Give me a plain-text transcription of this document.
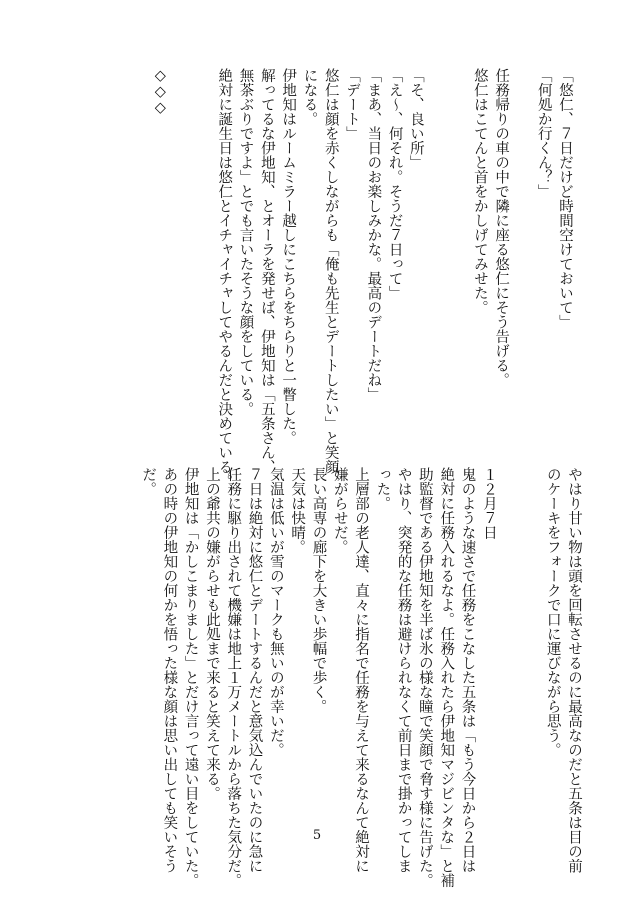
「悠仁、７日だけど時間空けておいて」
「何処か行くん？」

任務帰りの車の中で隣に座る悠仁にそう告げる。
悠仁はこてんと首をかしげてみせた。

「そ、良い所」
「え～、何それ。そうだ７日って」
「まあ、当日のお楽しみかな。最高のデートだね」
「デート」
悠仁は顔を赤くしながらも「俺も先生とデートしたい」と笑顔
になる。
伊地知はルームミラー越しにこちらをちらりと一瞥した。
解ってるな伊地知、とオーラを発せば、伊地知は「五条さん、
無茶ぶりですよ」とでも言いたそうな顔をしている。
絶対に誕生日は悠仁とイチャイチャしてやるんだと決めている。

◇◇◇
やはり甘い物は頭を回転させるのに最高なのだと五条は目の前
のケーキをフォークで口に運びながら思う。

１２月７日
鬼のような速さで任務をこなした五条は「もう今日から２日は
絶対に任務入れるなよ。任務入れたら伊地知マジビンタな」と補
助監督である伊地知を半ば氷の様な瞳で笑顔で脅す様に告げた。
やはり、突発的な任務は避けられなくて前日まで掛かってしま
った。
上層部の老人達、直々に指名で任務を与えて来るなんて絶対に
嫌がらせだ。
長い高専の廊下を大きい歩幅で歩く。
天気は快晴。
気温は低いが雪のマークも無いのが幸いだ。
７日は絶対に悠仁とデートするんだと意気込んでいたのに急に
任務に駆り出されて機嫌は地上１万メートルから落ちた気分だ。
上の爺共の嫌がらせも此処まで来ると笑えて来る。
伊地知は「かしこまりました」とだけ言って遠い目をしていた。
あの時の伊地知の何かを悟った様な顔は思い出しても笑いそう
だ。
5
